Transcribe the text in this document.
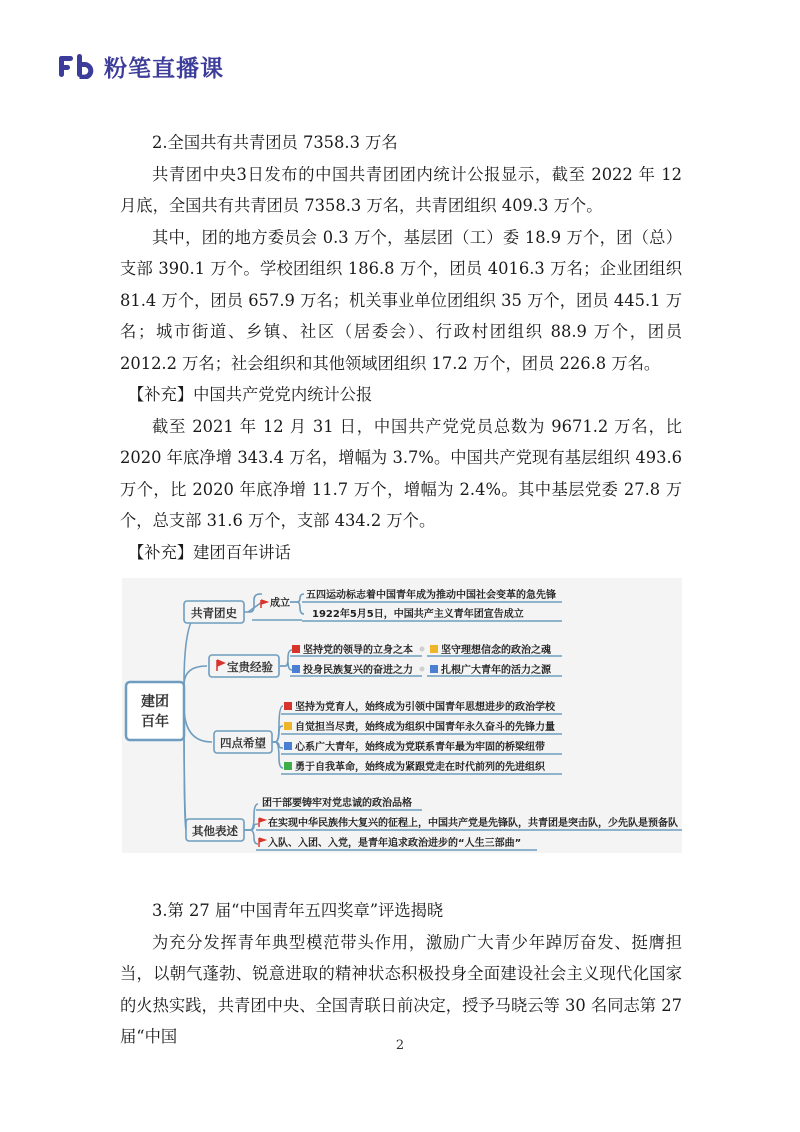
粉笔直播课

2.全国共有共青团员 7358.3 万名

共青团中央3日发布的中国共青团团内统计公报显示，截至 2022 年 12 月底，全国共有共青团员 7358.3 万名，共青团组织 409.3 万个。

其中，团的地方委员会 0.3 万个，基层团（工）委 18.9 万个，团（总）支部 390.1 万个。学校团组织 186.8 万个，团员 4016.3 万名；企业团组织 81.4 万个，团员 657.9 万名；机关事业单位团组织 35 万个，团员 445.1 万名；城市街道、乡镇、社区（居委会）、行政村团组织 88.9 万个，团员 2012.2 万名；社会组织和其他领域团组织 17.2 万个，团员 226.8 万名。

【补充】中国共产党党内统计公报

截至 2021 年 12 月 31 日，中国共产党党员总数为 9671.2 万名，比 2020 年底净增 343.4 万名，增幅为 3.7%。中国共产党现有基层组织 493.6 万个，比 2020 年底净增 11.7 万个，增幅为 2.4%。其中基层党委 27.8 万个，总支部 31.6 万个，支部 434.2 万个。

【补充】建团百年讲话

建团
百年
共青团史
成立
五四运动标志着中国青年成为推动中国社会变革的急先锋
1922年5月5日，中国共产主义青年团宣告成立
宝贵经验
坚持党的领导的立身之本	坚守理想信念的政治之魂
投身民族复兴的奋进之力	扎根广大青年的活力之源
四点希望
坚持为党育人，始终成为引领中国青年思想进步的政治学校
自觉担当尽责，始终成为组织中国青年永久奋斗的先锋力量
心系广大青年，始终成为党联系青年最为牢固的桥梁纽带
勇于自我革命，始终成为紧跟党走在时代前列的先进组织
其他表述
团干部要铸牢对党忠诚的政治品格
在实现中华民族伟大复兴的征程上，中国共产党是先锋队，共青团是突击队，少先队是预备队
入队、入团、入党，是青年追求政治进步的“人生三部曲”

3.第 27 届“中国青年五四奖章”评选揭晓

为充分发挥青年典型模范带头作用，激励广大青少年踔厉奋发、挺膺担当，以朝气蓬勃、锐意进取的精神状态积极投身全面建设社会主义现代化国家的火热实践，共青团中央、全国青联日前决定，授予马晓云等 30 名同志第 27 届“中国	2
